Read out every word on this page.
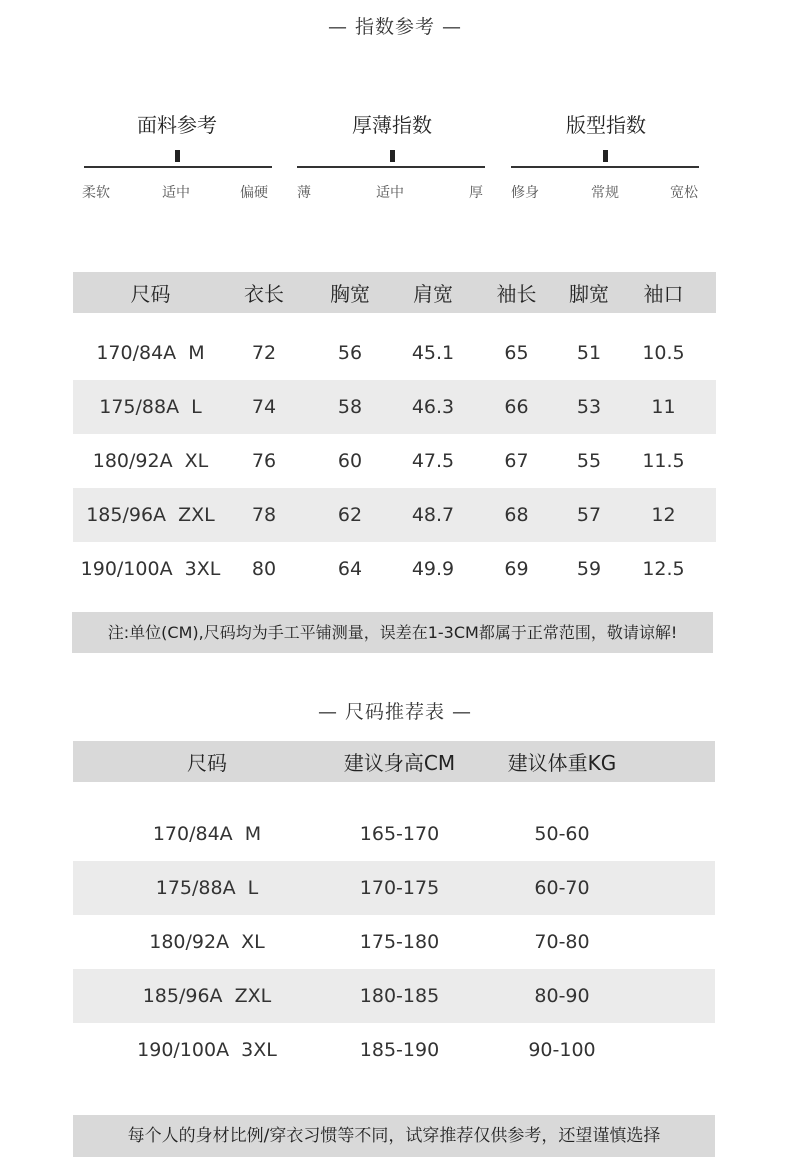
— 指数参考 —
面料参考
柔软	适中	偏硬
厚薄指数
薄	适中	厚
版型指数
修身	常规	宽松
尺码	衣长	胸宽	肩宽	袖长	脚宽	袖口

170/84A  M	72	56	45.1	65	51	10.5
175/88A  L	74	58	46.3	66	53	11
180/92A  XL	76	60	47.5	67	55	11.5
185/96A  ZXL	78	62	48.7	68	57	12
190/100A  3XL	80	64	49.9	69	59	12.5
注:单位(CM),尺码均为手工平铺测量，误差在1-3CM都属于正常范围，敬请谅解!
— 尺码推荐表 —
尺码	建议身高CM	建议体重KG	

170/84A  M	165-170	50-60	
175/88A  L	170-175	60-70	
180/92A  XL	175-180	70-80	
185/96A  ZXL	180-185	80-90	
190/100A  3XL	185-190	90-100	
每个人的身材比例/穿衣习惯等不同，试穿推荐仅供参考，还望谨慎选择
